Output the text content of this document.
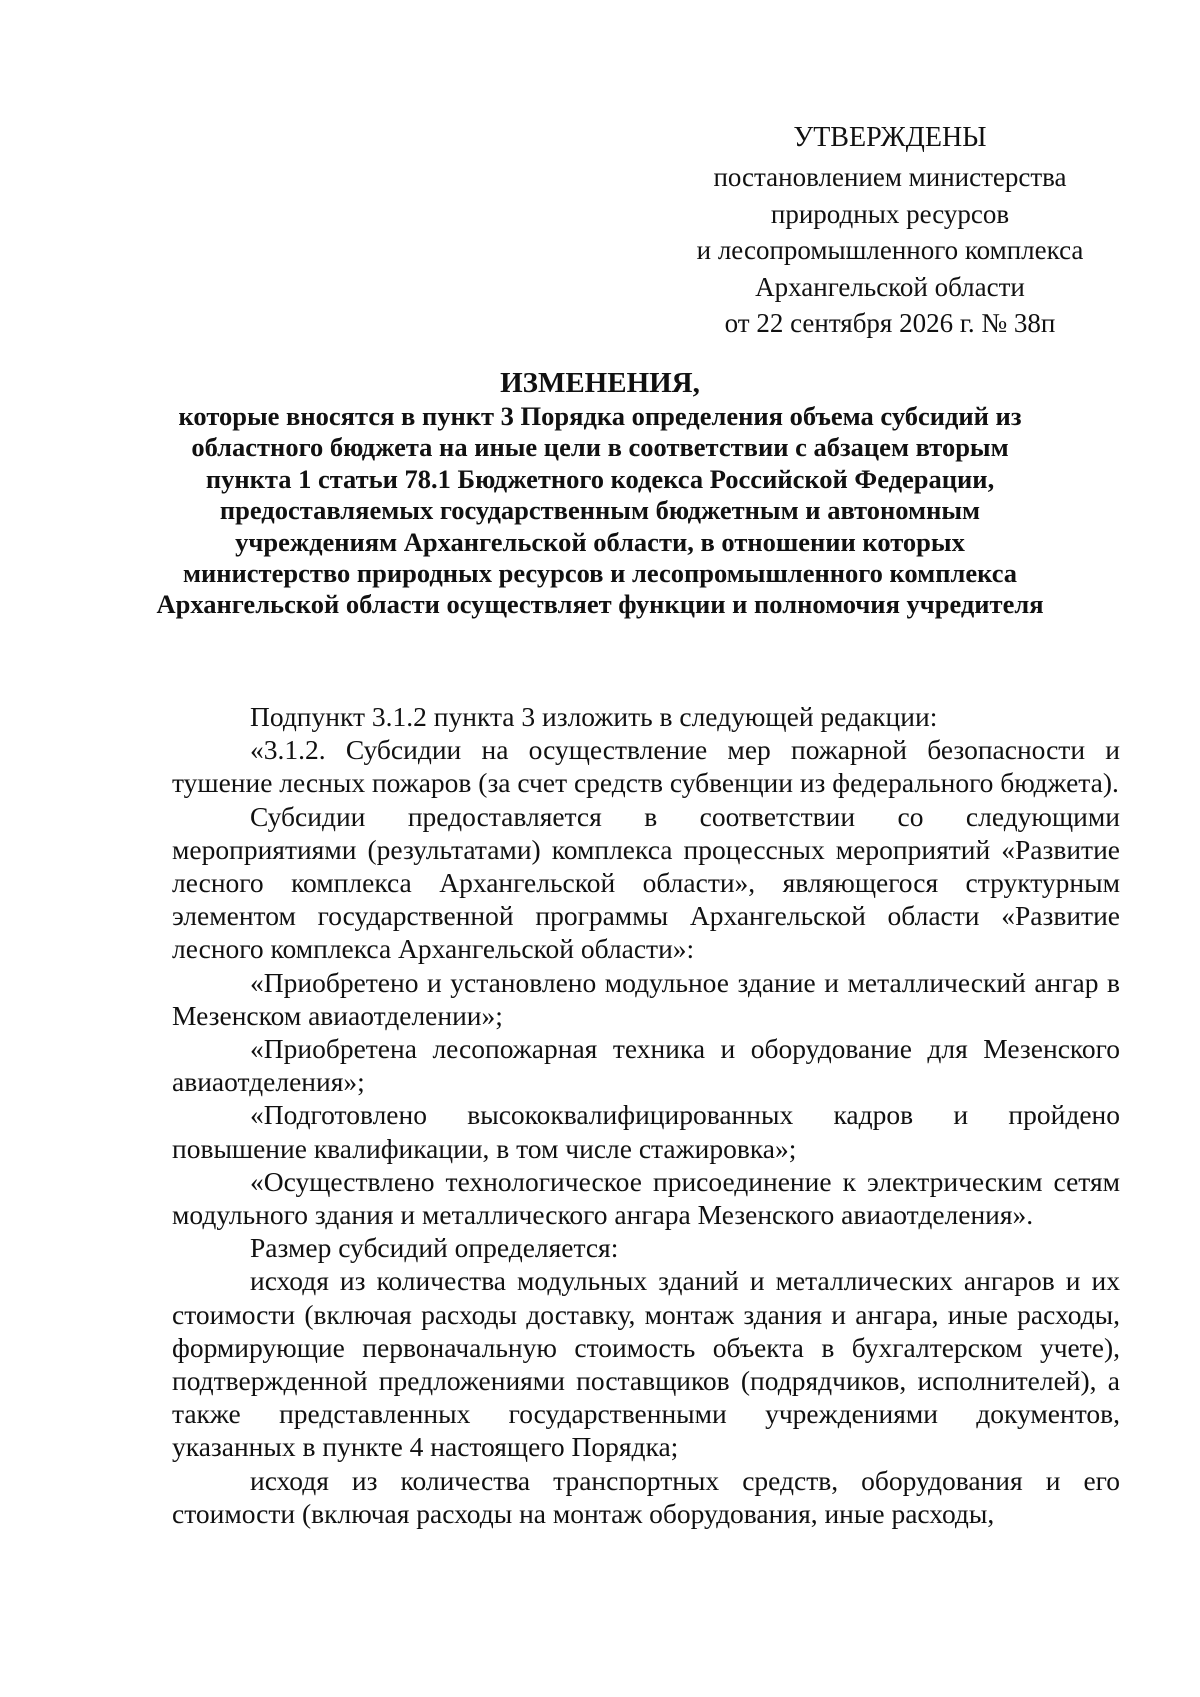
УТВЕРЖДЕНЫ
постановлением министерства
природных ресурсов
и лесопромышленного комплекса
Архангельской области
от 22 сентября 2026 г. № 38п
ИЗМЕНЕНИЯ,
которые вносятся в пункт 3 Порядка определения объема субсидий из областного бюджета на иные цели в соответствии с абзацем вторым пункта 1 статьи 78.1 Бюджетного кодекса Российской Федерации, предоставляемых государственным бюджетным и автономным учреждениям Архангельской области, в отношении которых министерство природных ресурсов и лесопромышленного комплекса Архангельской области осуществляет функции и полномочия учредителя

Подпункт 3.1.2 пункта 3 изложить в следующей редакции:

«3.1.2. Субсидии на осуществление мер пожарной безопасности и тушение лесных пожаров (за счет средств субвенции из федерального бюджета).

Субсидии предоставляется в соответствии со следующими мероприятиями (результатами) комплекса процессных мероприятий «Развитие лесного комплекса Архангельской области», являющегося структурным элементом государственной программы Архангельской области «Развитие лесного комплекса Архангельской области»:

«Приобретено и установлено модульное здание и металлический ангар в Мезенском авиаотделении»;

«Приобретена лесопожарная техника и оборудование для Мезенского авиаотделения»;

«Подготовлено высококвалифицированных кадров и пройдено повышение квалификации, в том числе стажировка»;

«Осуществлено технологическое присоединение к электрическим сетям модульного здания и металлического ангара Мезенского авиаотделения».

Размер субсидий определяется:

исходя из количества модульных зданий и металлических ангаров и их стоимости (включая расходы доставку, монтаж здания и ангара, иные расходы, формирующие первоначальную стоимость объекта в бухгалтерском учете), подтвержденной предложениями поставщиков (подрядчиков, исполнителей), а также представленных государственными учреждениями документов, указанных в пункте 4 настоящего Порядка;

исходя из количества транспортных средств, оборудования и его стоимости (включая расходы на монтаж оборудования, иные расходы,
